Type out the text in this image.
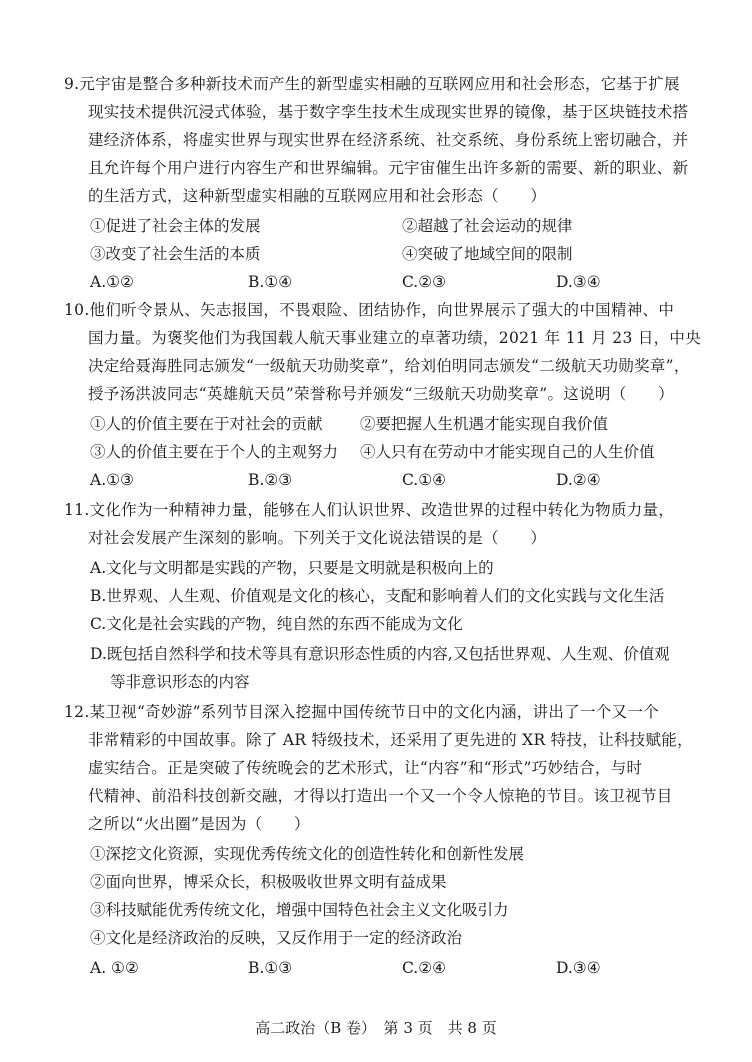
9.元宇宙是整合多种新技术而产生的新型虚实相融的互联网应用和社会形态，它基于扩展
现实技术提供沉浸式体验，基于数字孪生技术生成现实世界的镜像，基于区块链技术搭
建经济体系，将虚实世界与现实世界在经济系统、社交系统、身份系统上密切融合，并
且允许每个用户进行内容生产和世界编辑。元宇宙催生出许多新的需要、新的职业、新
的生活方式，这种新型虚实相融的互联网应用和社会形态（　　）
①促进了社会主体的发展	②超越了社会运动的规律
③改变了社会生活的本质	④突破了地域空间的限制
A.①②	B.①④	C.②③	D.③④
10.他们听令景从、矢志报国，不畏艰险、团结协作，向世界展示了强大的中国精神、中
国力量。为褒奖他们为我国载人航天事业建立的卓著功绩，2021 年 11 月 23 日，中央
决定给聂海胜同志颁发“一级航天功勋奖章”，给刘伯明同志颁发“二级航天功勋奖章”，
授予汤洪波同志“英雄航天员”荣誉称号并颁发“三级航天功勋奖章”。这说明（　　）
①人的价值主要在于对社会的贡献 ②要把握人生机遇才能实现自我价值
③人的价值主要在于个人的主观努力 ④人只有在劳动中才能实现自己的人生价值
A.①③	B.②③	C.①④	D.②④
11.文化作为一种精神力量，能够在人们认识世界、改造世界的过程中转化为物质力量，
对社会发展产生深刻的影响。下列关于文化说法错误的是（　　）
A.文化与文明都是实践的产物，只要是文明就是积极向上的
B.世界观、人生观、价值观是文化的核心，支配和影响着人们的文化实践与文化生活
C.文化是社会实践的产物，纯自然的东西不能成为文化
D.既包括自然科学和技术等具有意识形态性质的内容,又包括世界观、人生观、价值观
等非意识形态的内容
12.某卫视“奇妙游”系列节目深入挖掘中国传统节日中的文化内涵，讲出了一个又一个
非常精彩的中国故事。除了 AR 特级技术，还采用了更先进的 XR 特技，让科技赋能，
虚实结合。正是突破了传统晚会的艺术形式，让“内容”和“形式”巧妙结合，与时
代精神、前沿科技创新交融，才得以打造出一个又一个令人惊艳的节目。该卫视节目
之所以“火出圈”是因为（　　）
①深挖文化资源，实现优秀传统文化的创造性转化和创新性发展
②面向世界，博采众长，积极吸收世界文明有益成果
③科技赋能优秀传统文化，增强中国特色社会主义文化吸引力
④文化是经济政治的反映，又反作用于一定的经济政治
A. ①②	B.①③	C.②④	D.③④
高二政治（B 卷）　第 3 页　共 8 页
